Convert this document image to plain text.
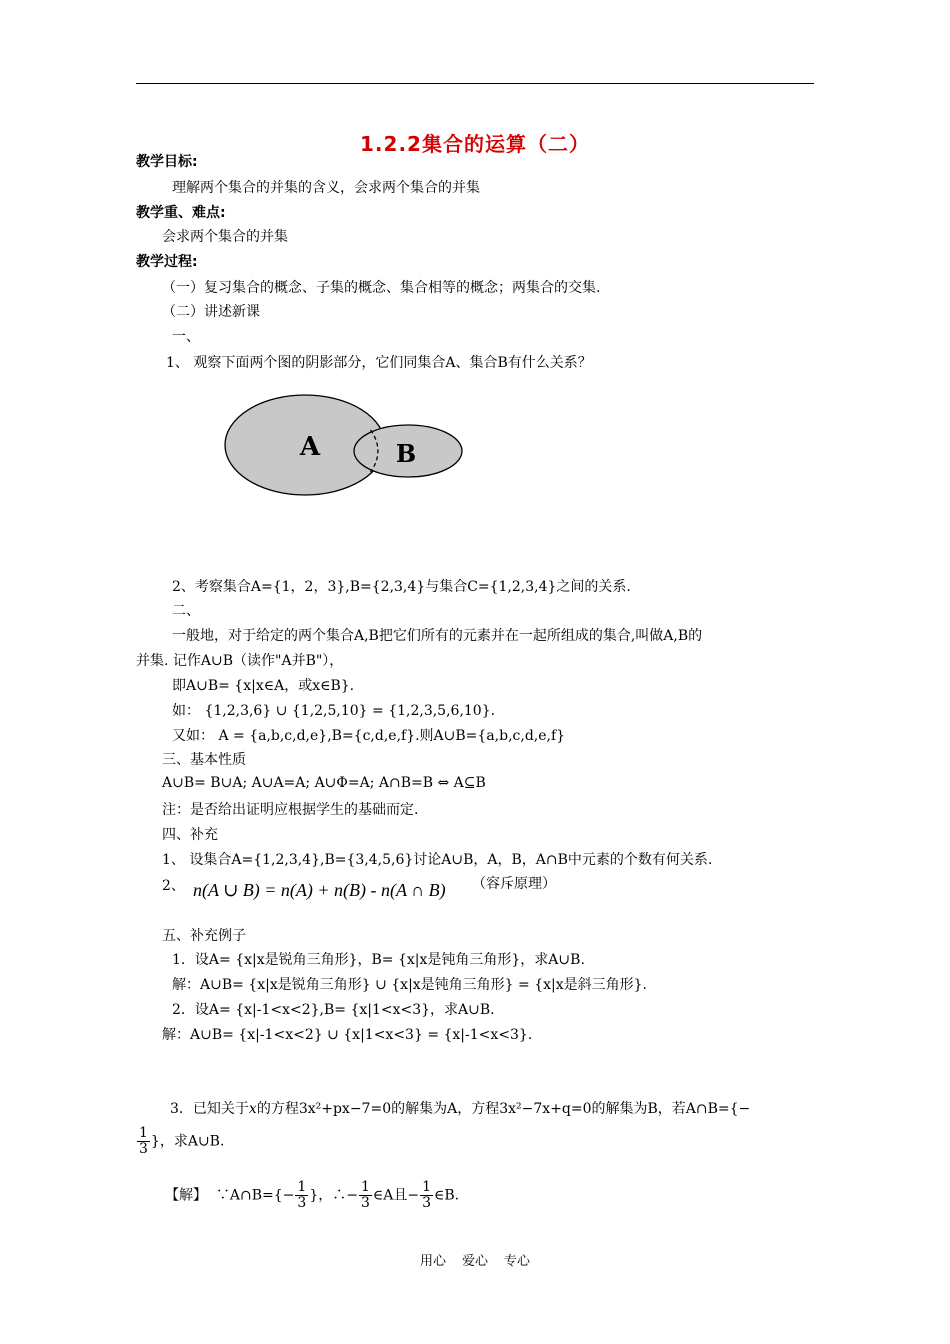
1.2.2集合的运算（二）
教学目标:
理解两个集合的并集的含义，会求两个集合的并集
教学重、难点:
会求两个集合的并集
教学过程:
（一）复习集合的概念、子集的概念、集合相等的概念；两集合的交集.
（二）讲述新课
一、
1、 观察下面两个图的阴影部分，它们同集合A、集合B有什么关系？
A	B
2、考察集合A={1，2，3},B={2,3,4}与集合C={1,2,3,4}之间的关系.
二、
一般地，对于给定的两个集合A,B把它们所有的元素并在一起所组成的集合,叫做A,B的
并集. 记作A∪B（读作"A并B"），
即A∪B= {x|x∈A，或x∈B}.
如： {1,2,3,6} ∪ {1,2,5,10} = {1,2,3,5,6,10}.
又如： A = {a,b,c,d,e},B={c,d,e,f}.则A∪B={a,b,c,d,e,f}
三、基本性质
A∪B= B∪A; A∪A=A; A∪Φ=A; A∩B=B ⇔ A⊆B
注：是否给出证明应根据学生的基础而定.
四、补充
1、 设集合A={1,2,3,4},B={3,4,5,6}讨论A∪B，A，B，A∩B中元素的个数有何关系.
2、 n(A ∪ B) = n(A) + n(B) - n(A ∩ B) （容斥原理）
五、补充例子
1．设A= {x|x是锐角三角形}，B= {x|x是钝角三角形}，求A∪B.
解：A∪B= {x|x是锐角三角形} ∪ {x|x是钝角三角形} = {x|x是斜三角形}.
2．设A= {x|-1<x<2},B= {x|1<x<3}，求A∪B.
解：A∪B= {x|-1<x<2} ∪ {x|1<x<3} = {x|-1<x<3}.
3．已知关于x的方程3x²+px−7=0的解集为A，方程3x²−7x+q=0的解集为B，若A∩B={−
$\frac{1}{3}$ }，求A∪B.
【解】 ∵A∩B={− $\frac{1}{3}$ }，∴− $\frac{1}{3}$ ∈A且− $\frac{1}{3}$ ∈B.
用心 爱心 专心
